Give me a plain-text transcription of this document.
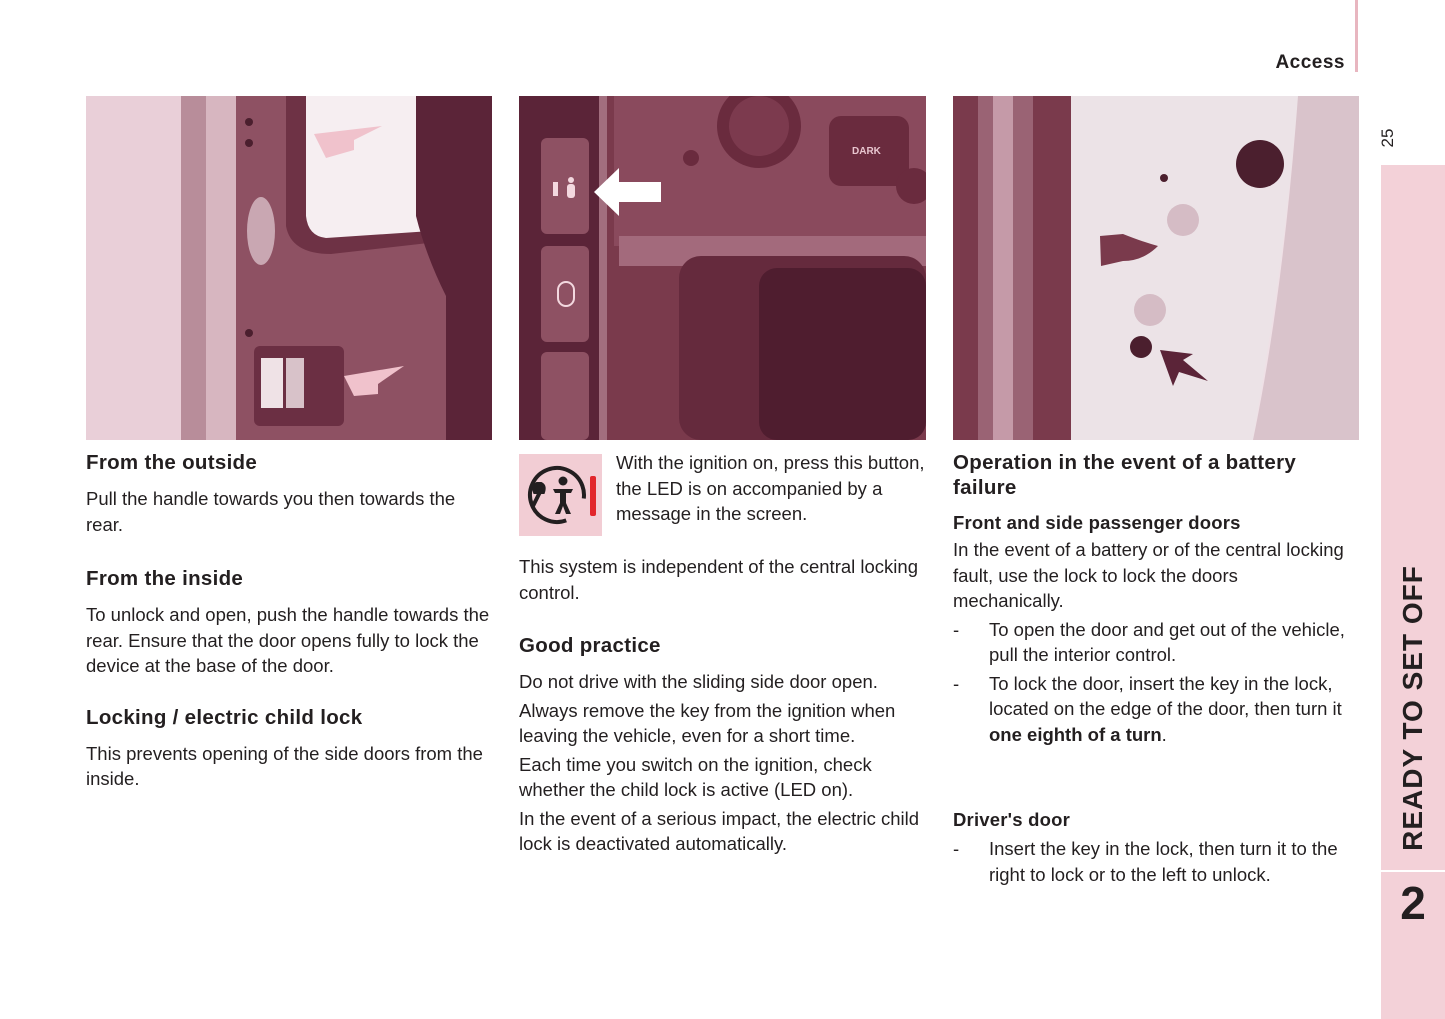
Access
25
READY TO SET OFF
2
DARK
From the outside

Pull the handle towards you then towards the rear.

From the inside

To unlock and open, push the handle towards the rear. Ensure that the door opens fully to lock the device at the base of the door.

Locking / electric child lock

This prevents opening of the side doors from the inside.

With the ignition on, press this button, the LED is on accompanied by a message in the screen.

This system is independent of the central locking control.

Good practice

Do not drive with the sliding side door open.

Always remove the key from the ignition when leaving the vehicle, even for a short time.

Each time you switch on the ignition, check whether the child lock is active (LED on).

In the event of a serious impact, the electric child lock is deactivated automatically.

Operation in the event of a battery failure
Front and side passenger doors

In the event of a battery or of the central locking fault, use the lock to lock the doors mechanically.

- To open the door and get out of the vehicle, pull the interior control.

- To lock the door, insert the key in the lock, located on the edge of the door, then turn it one eighth of a turn.

Driver's door

- Insert the key in the lock, then turn it to the right to lock or to the left to unlock.
